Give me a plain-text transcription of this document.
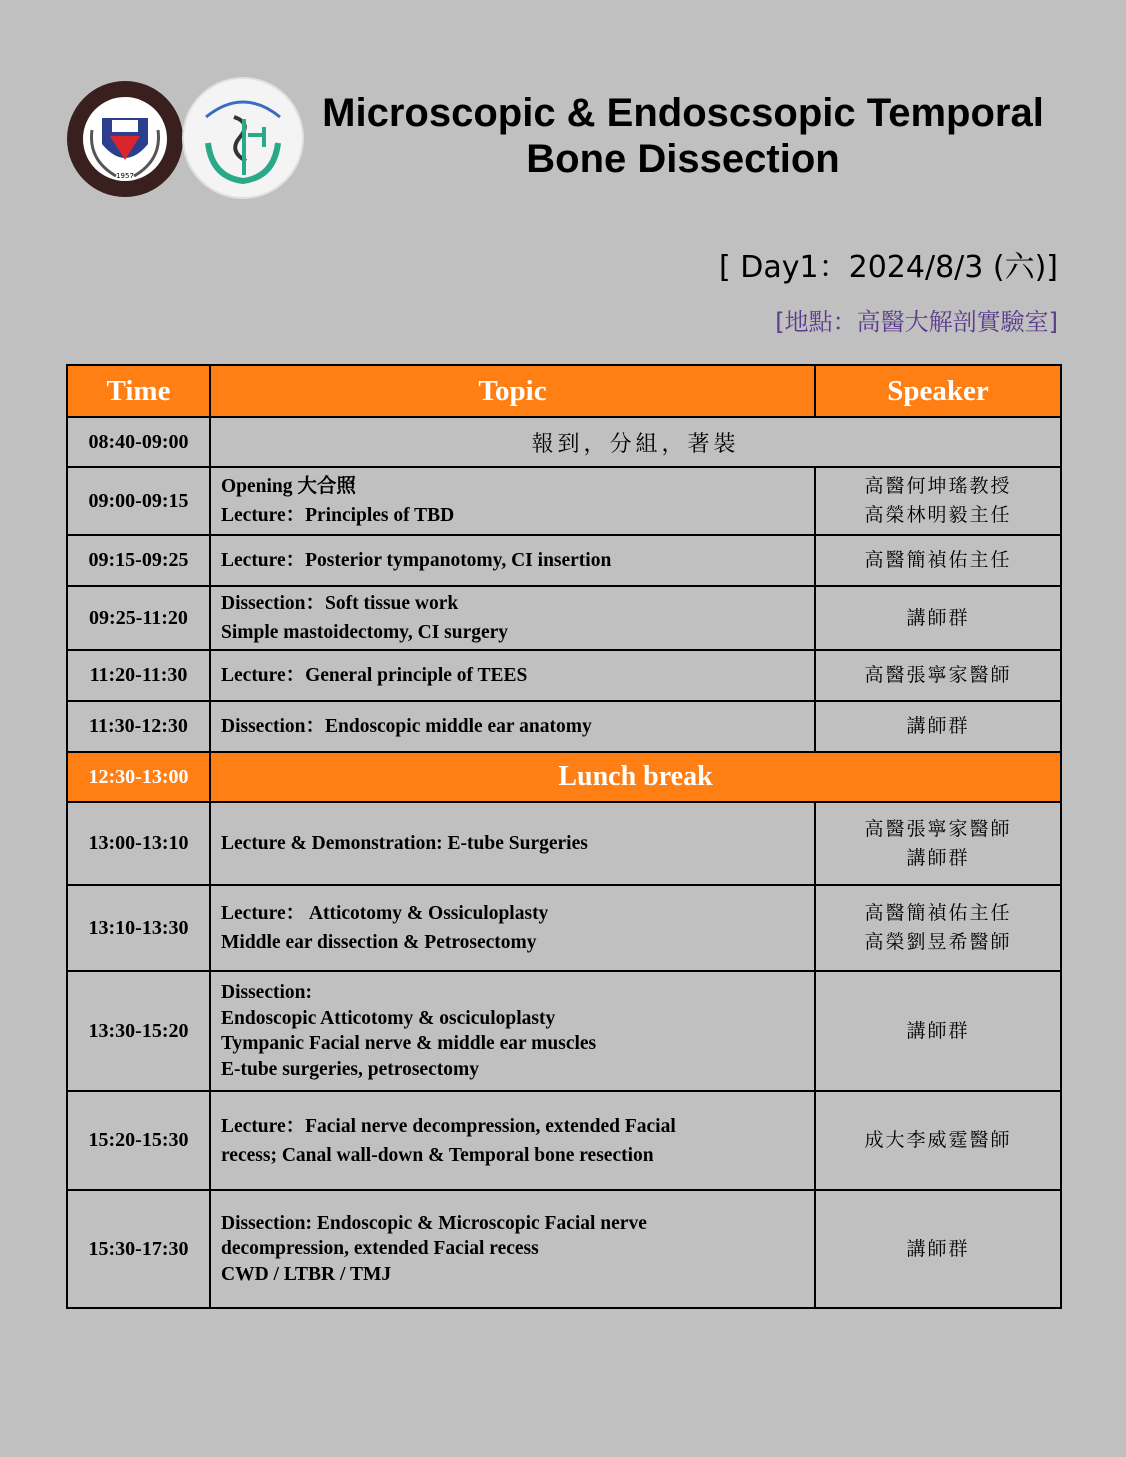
1957
Microscopic & Endoscsopic Temporal
Bone Dissection
[ Day1：2024/8/3 (六)]
[地點：高醫大解剖實驗室]
Time	Topic	Speaker
08:40-09:00	報到，分組，著裝	
09:00-09:15	Opening 大合照
Lecture：Principles of TBD	高醫何坤瑤教授
高榮林明毅主任

09:15-09:25	Lecture：Posterior tympanotomy, CI insertion	高醫簡禎佑主任

09:25-11:20	Dissection：Soft tissue work
Simple mastoidectomy, CI surgery	講師群

11:20-11:30	Lecture：General principle of TEES	高醫張寧家醫師

11:30-12:30	Dissection：Endoscopic middle ear anatomy	講師群

12:30-13:00	Lunch break	
13:00-13:10	Lecture & Demonstration: E-tube Surgeries	高醫張寧家醫師
講師群

13:10-13:30	Lecture： Atticotomy & Ossiculoplasty
Middle ear dissection & Petrosectomy	高醫簡禎佑主任
高榮劉昱希醫師

13:30-15:20	Dissection:
Endoscopic Atticotomy & osciculoplasty
Tympanic Facial nerve & middle ear muscles
E-tube surgeries, petrosectomy	講師群

15:20-15:30	Lecture：Facial nerve decompression, extended Facial
recess; Canal wall-down & Temporal bone resection	成大李威霆醫師

15:30-17:30	Dissection: Endoscopic & Microscopic Facial nerve
decompression, extended Facial recess
CWD / LTBR / TMJ	講師群
